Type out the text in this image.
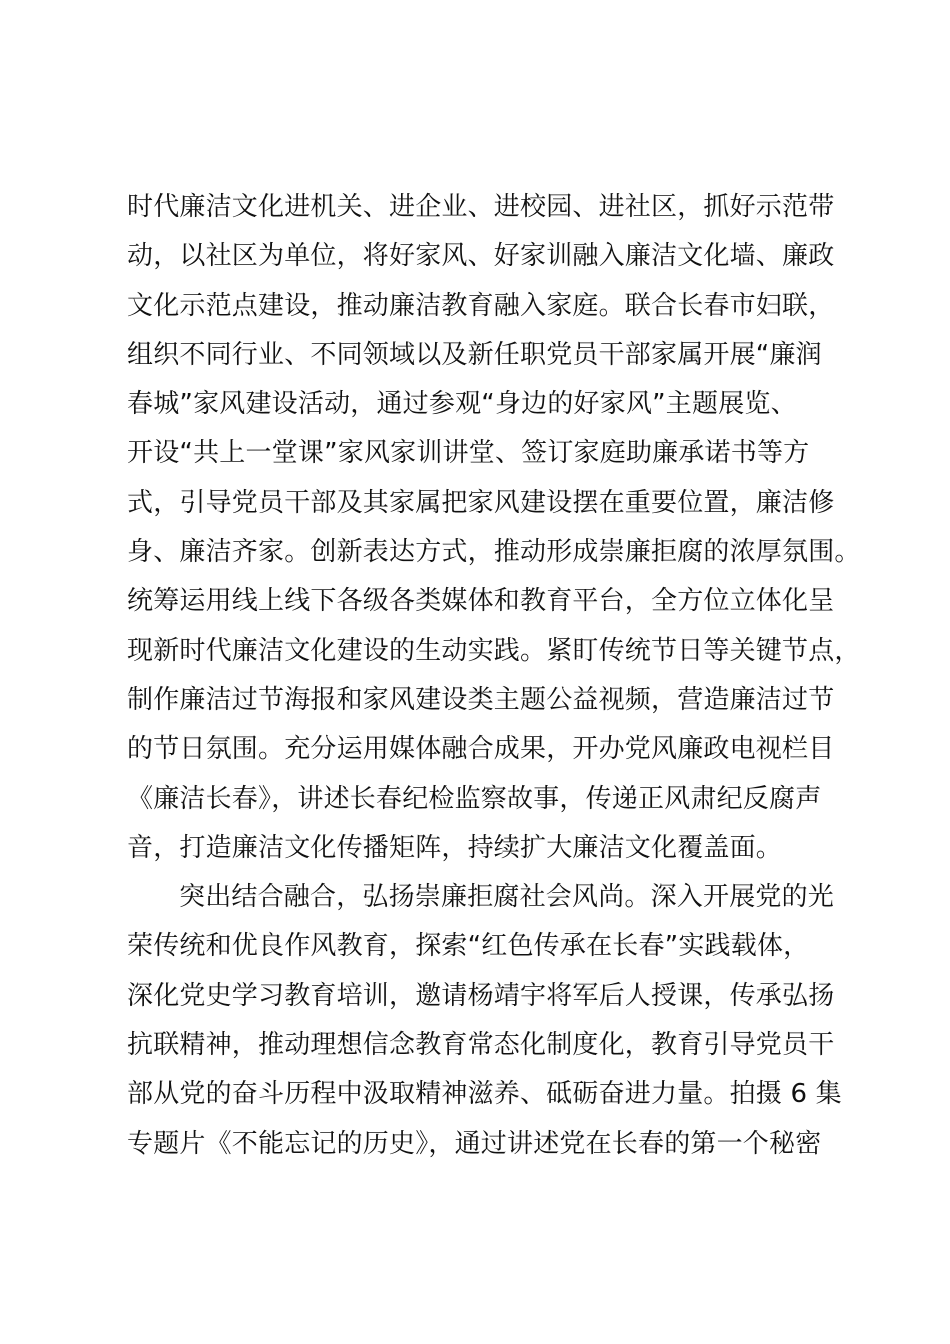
时代廉洁文化进机关、进企业、进校园、进社区，抓好示范带
动，以社区为单位，将好家风、好家训融入廉洁文化墙、廉政
文化示范点建设，推动廉洁教育融入家庭。联合长春市妇联，
组织不同行业、不同领域以及新任职党员干部家属开展“廉润
春城”家风建设活动，通过参观“身边的好家风”主题展览、
开设“共上一堂课”家风家训讲堂、签订家庭助廉承诺书等方
式，引导党员干部及其家属把家风建设摆在重要位置，廉洁修
身、廉洁齐家。创新表达方式，推动形成崇廉拒腐的浓厚氛围。
统筹运用线上线下各级各类媒体和教育平台，全方位立体化呈
现新时代廉洁文化建设的生动实践。紧盯传统节日等关键节点，
制作廉洁过节海报和家风建设类主题公益视频，营造廉洁过节
的节日氛围。充分运用媒体融合成果，开办党风廉政电视栏目
《廉洁长春》，讲述长春纪检监察故事，传递正风肃纪反腐声
音，打造廉洁文化传播矩阵，持续扩大廉洁文化覆盖面。
突出结合融合，弘扬崇廉拒腐社会风尚。深入开展党的光
荣传统和优良作风教育，探索“红色传承在长春”实践载体，
深化党史学习教育培训，邀请杨靖宇将军后人授课，传承弘扬
抗联精神，推动理想信念教育常态化制度化，教育引导党员干
部从党的奋斗历程中汲取精神滋养、砥砺奋进力量。拍摄 6 集
专题片《不能忘记的历史》，通过讲述党在长春的第一个秘密
